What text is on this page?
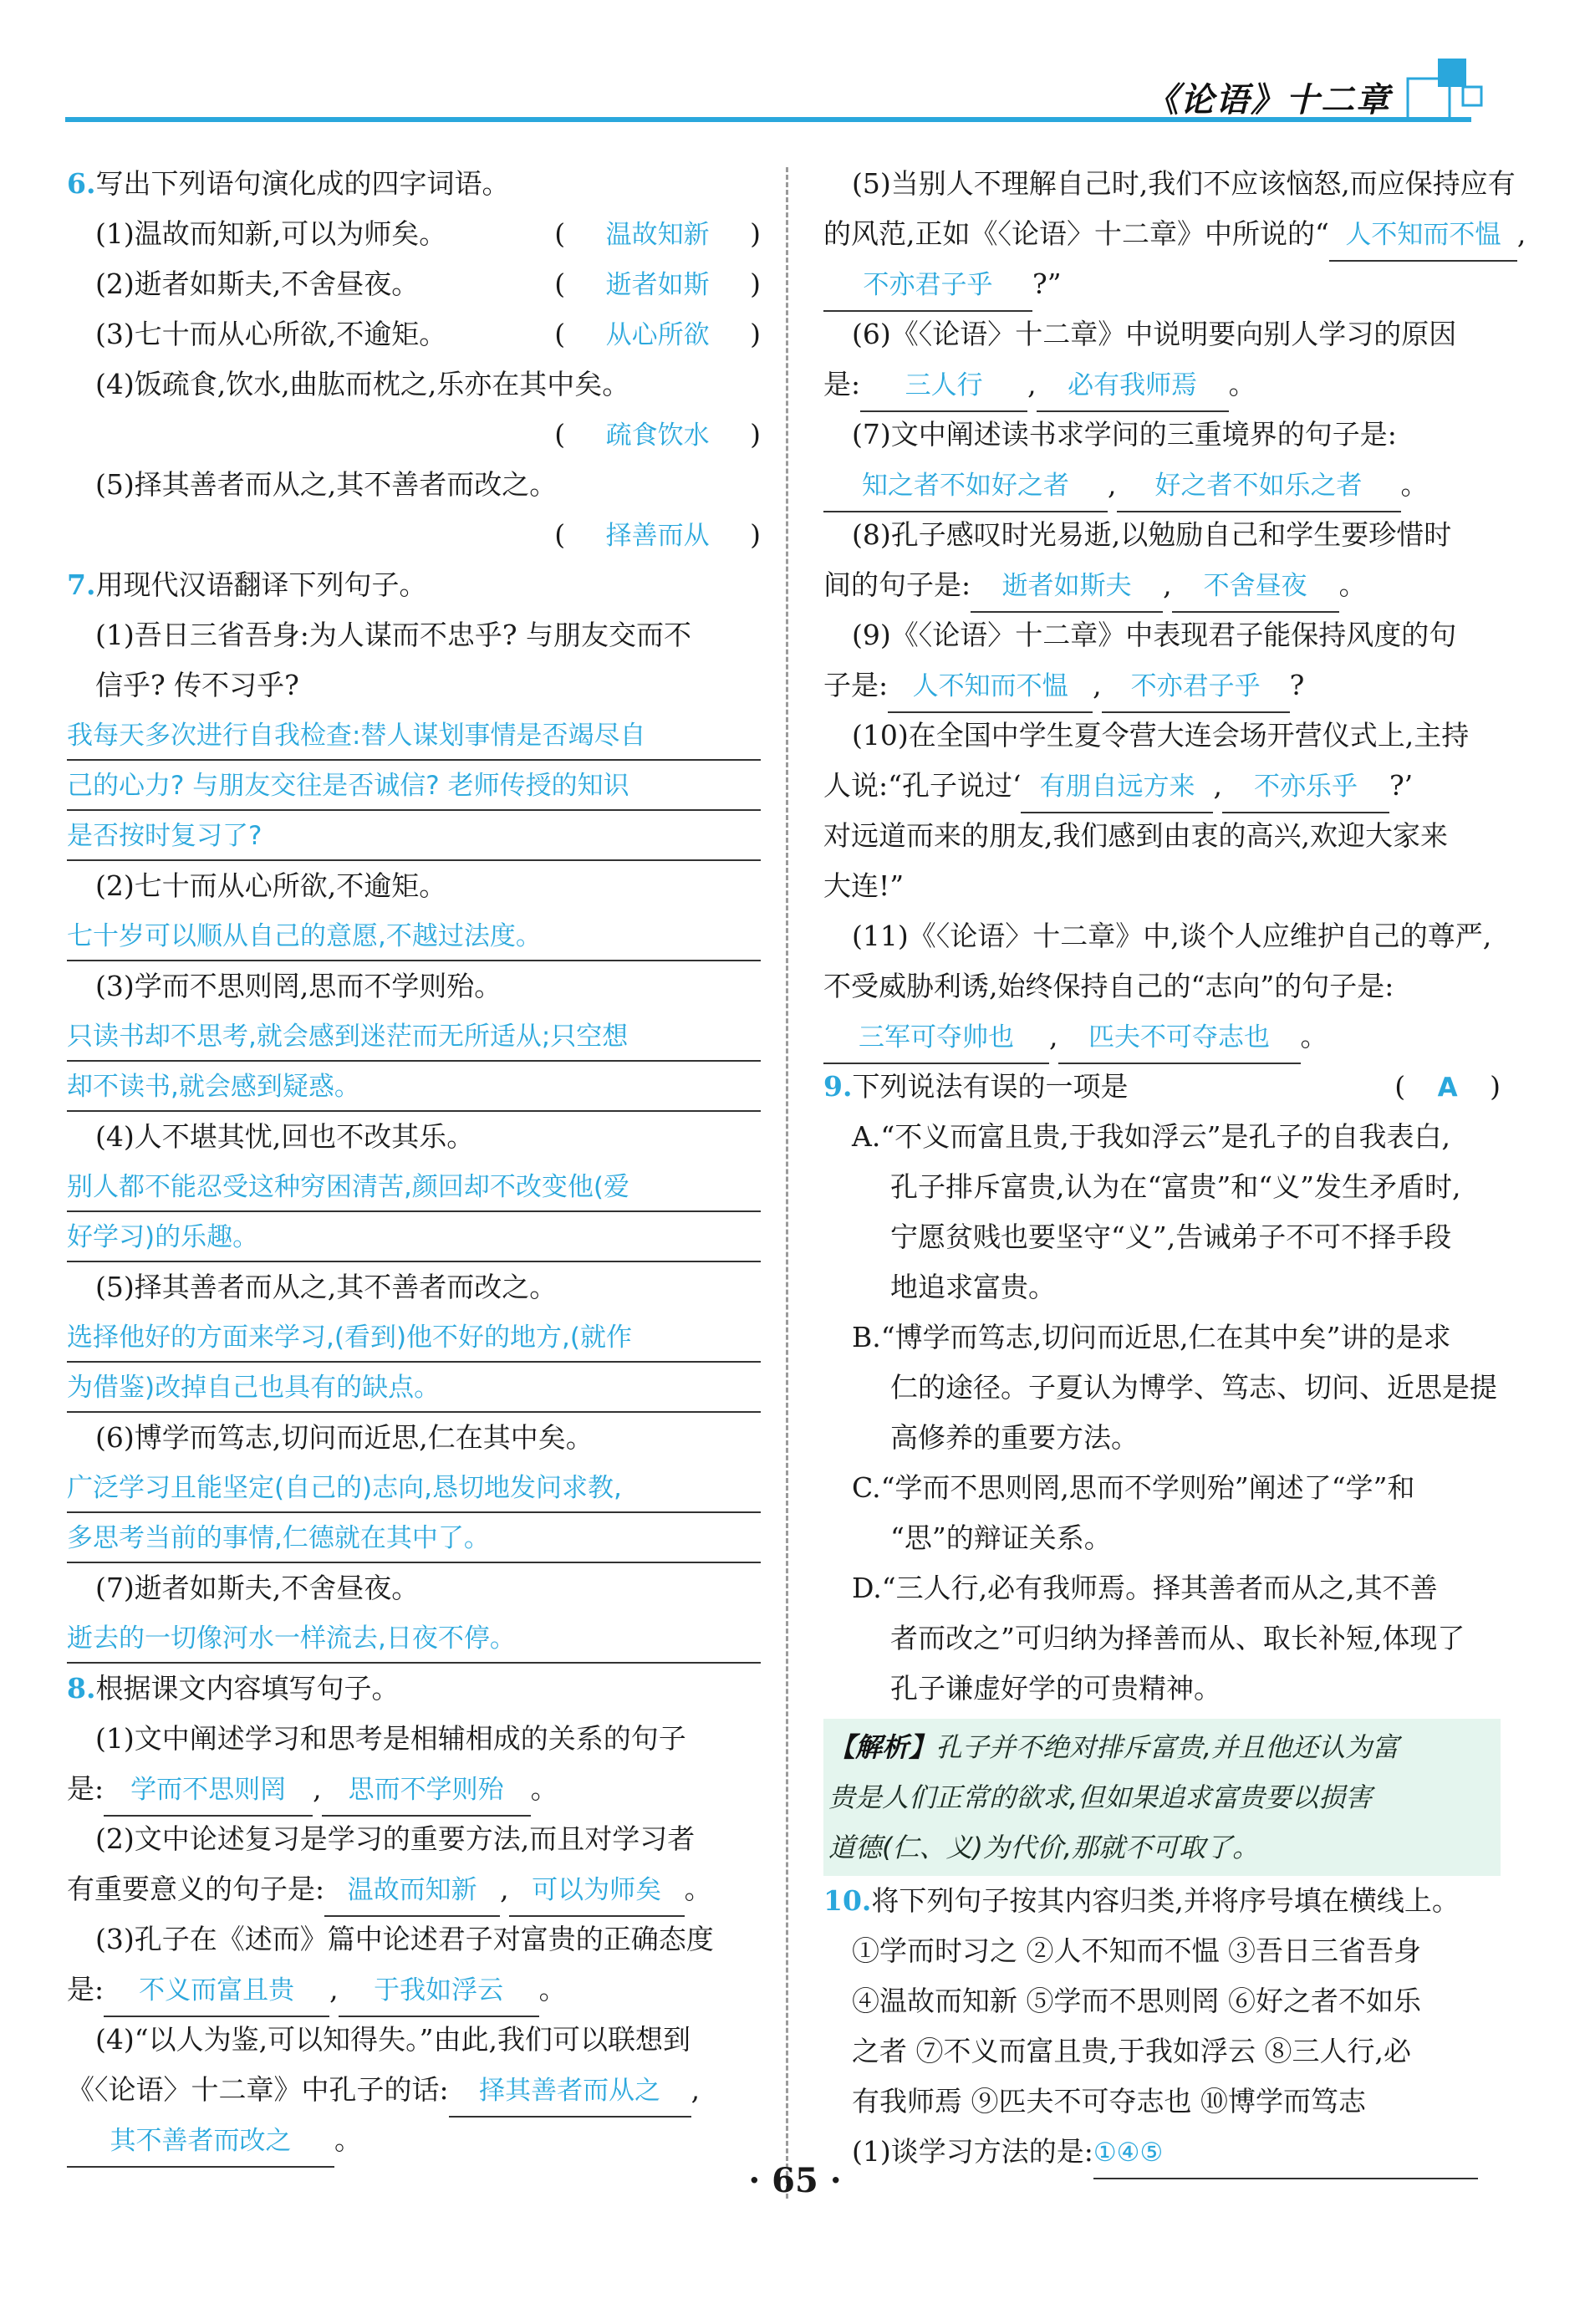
《论语》十二章
6.写出下列语句演化成的四字词语。
(1)温故而知新,可以为师矣。	( 温故知新 )
(2)逝者如斯夫,不舍昼夜。	( 逝者如斯 )
(3)七十而从心所欲,不逾矩。	( 从心所欲 )
(4)饭疏食,饮水,曲肱而枕之,乐亦在其中矣。
( 疏食饮水 )
(5)择其善者而从之,其不善者而改之。
( 择善而从 )
7.用现代汉语翻译下列句子。
(1)吾日三省吾身:为人谋而不忠乎? 与朋友交而不
信乎? 传不习乎?
我每天多次进行自我检查:替人谋划事情是否竭尽自
己的心力? 与朋友交往是否诚信? 老师传授的知识
是否按时复习了?
(2)七十而从心所欲,不逾矩。
七十岁可以顺从自己的意愿,不越过法度。
(3)学而不思则罔,思而不学则殆。
只读书却不思考,就会感到迷茫而无所适从;只空想
却不读书,就会感到疑惑。
(4)人不堪其忧,回也不改其乐。
别人都不能忍受这种穷困清苦,颜回却不改变他(爱
好学习)的乐趣。
(5)择其善者而从之,其不善者而改之。
选择他好的方面来学习,(看到)他不好的地方,(就作
为借鉴)改掉自己也具有的缺点。
(6)博学而笃志,切问而近思,仁在其中矣。
广泛学习且能坚定(自己的)志向,恳切地发问求教,
多思考当前的事情,仁德就在其中了。
(7)逝者如斯夫,不舍昼夜。
逝去的一切像河水一样流去,日夜不停。
8.根据课文内容填写句子。
(1)文中阐述学习和思考是相辅相成的关系的句子
是: 学而不思则罔 , 思而不学则殆 。
(2)文中论述复习是学习的重要方法,而且对学习者
有重要意义的句子是: 温故而知新 , 可以为师矣 。
(3)孔子在《述而》篇中论述君子对富贵的正确态度
是: 不义而富且贵 , 于我如浮云 。
(4)“以人为鉴,可以知得失。”由此,我们可以联想到
《〈论语〉十二章》中孔子的话: 择其善者而从之 ,
其不善者而改之 。
(5)当别人不理解自己时,我们不应该恼怒,而应保持应有
的风范,正如《〈论语〉十二章》中所说的“ 人不知而不愠 ,
不亦君子乎 ?”
(6)《〈论语〉十二章》中说明要向别人学习的原因
是: 三人行 , 必有我师焉 。
(7)文中阐述读书求学问的三重境界的句子是:
知之者不如好之者 , 好之者不如乐之者 。
(8)孔子感叹时光易逝,以勉励自己和学生要珍惜时
间的句子是: 逝者如斯夫 , 不舍昼夜 。
(9)《〈论语〉十二章》中表现君子能保持风度的句
子是: 人不知而不愠 , 不亦君子乎 ?
(10)在全国中学生夏令营大连会场开营仪式上,主持
人说:“孔子说过‘ 有朋自远方来 , 不亦乐乎 ?’
对远道而来的朋友,我们感到由衷的高兴,欢迎大家来
大连!”
(11)《〈论语〉十二章》中,谈个人应维护自己的尊严,
不受威胁利诱,始终保持自己的“志向”的句子是:
三军可夺帅也 , 匹夫不可夺志也 。
9.下列说法有误的一项是	( A )
A.“不义而富且贵,于我如浮云”是孔子的自我表白,
孔子排斥富贵,认为在“富贵”和“义”发生矛盾时,
宁愿贫贱也要坚守“义”,告诫弟子不可不择手段
地追求富贵。
B.“博学而笃志,切问而近思,仁在其中矣”讲的是求
仁的途径。子夏认为博学、笃志、切问、近思是提
高修养的重要方法。
C.“学而不思则罔,思而不学则殆”阐述了“学”和
“思”的辩证关系。
D.“三人行,必有我师焉。择其善者而从之,其不善
者而改之”可归纳为择善而从、取长补短,体现了
孔子谦虚好学的可贵精神。
【解析】孔子并不绝对排斥富贵,并且他还认为富
贵是人们正常的欲求,但如果追求富贵要以损害
道德(仁、义)为代价,那就不可取了。
10.将下列句子按其内容归类,并将序号填在横线上。
①学而时习之 ②人不知而不愠 ③吾日三省吾身
④温故而知新 ⑤学而不思则罔 ⑥好之者不如乐
之者 ⑦不义而富且贵,于我如浮云 ⑧三人行,必
有我师焉 ⑨匹夫不可夺志也 ⑩博学而笃志
(1)谈学习方法的是:①④⑤
· 65 ·
